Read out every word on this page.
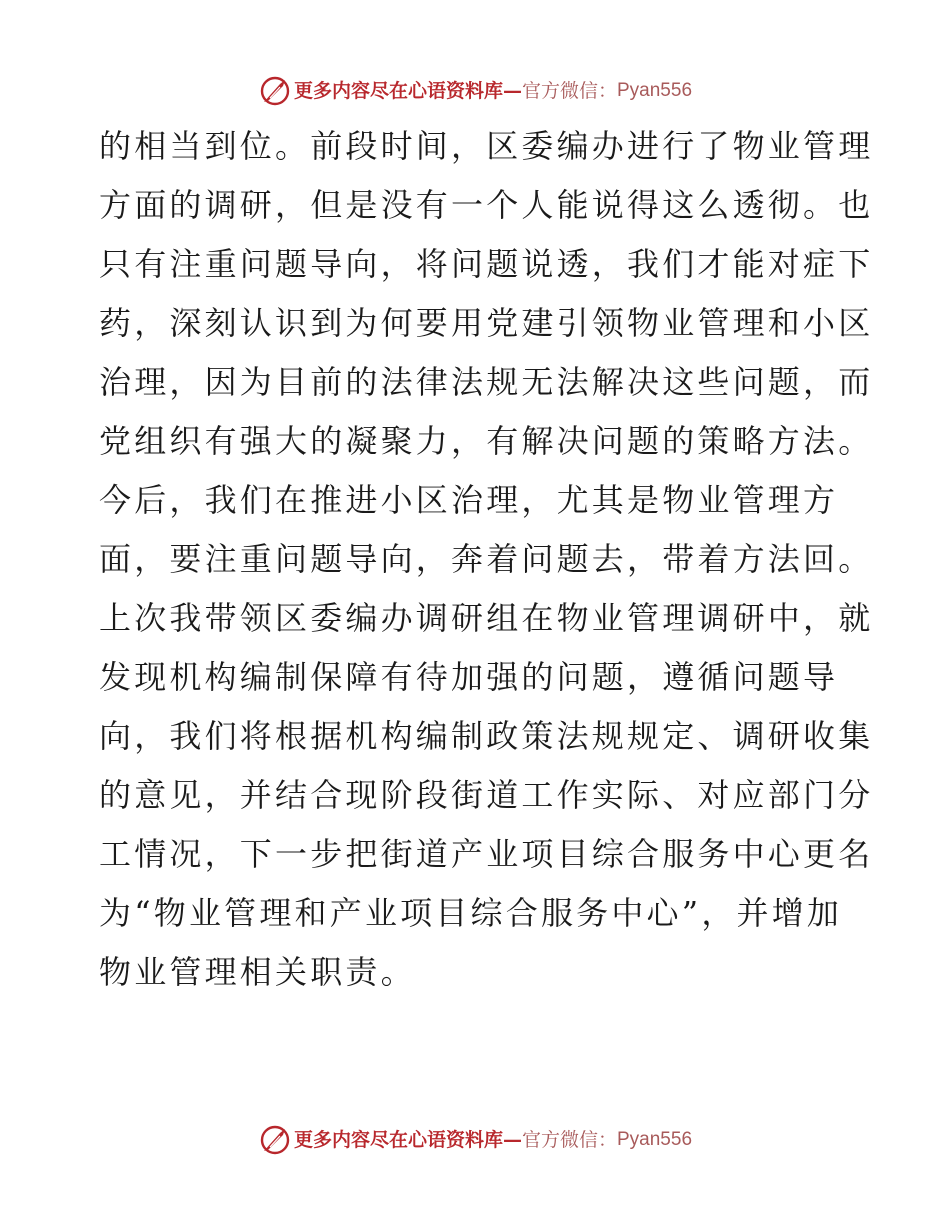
更多内容尽在心语资料库 — 官方微信： Pyan556
的相当到位。前段时间，区委编办进行了物业管理
方面的调研，但是没有一个人能说得这么透彻。也
只有注重问题导向，将问题说透，我们才能对症下
药，深刻认识到为何要用党建引领物业管理和小区
治理，因为目前的法律法规无法解决这些问题，而
党组织有强大的凝聚力，有解决问题的策略方法。
今后，我们在推进小区治理，尤其是物业管理方
面，要注重问题导向，奔着问题去，带着方法回。
上次我带领区委编办调研组在物业管理调研中，就
发现机构编制保障有待加强的问题，遵循问题导
向，我们将根据机构编制政策法规规定、调研收集
的意见，并结合现阶段街道工作实际、对应部门分
工情况，下一步把街道产业项目综合服务中心更名
为“物业管理和产业项目综合服务中心”，并增加
物业管理相关职责。
更多内容尽在心语资料库 — 官方微信： Pyan556
